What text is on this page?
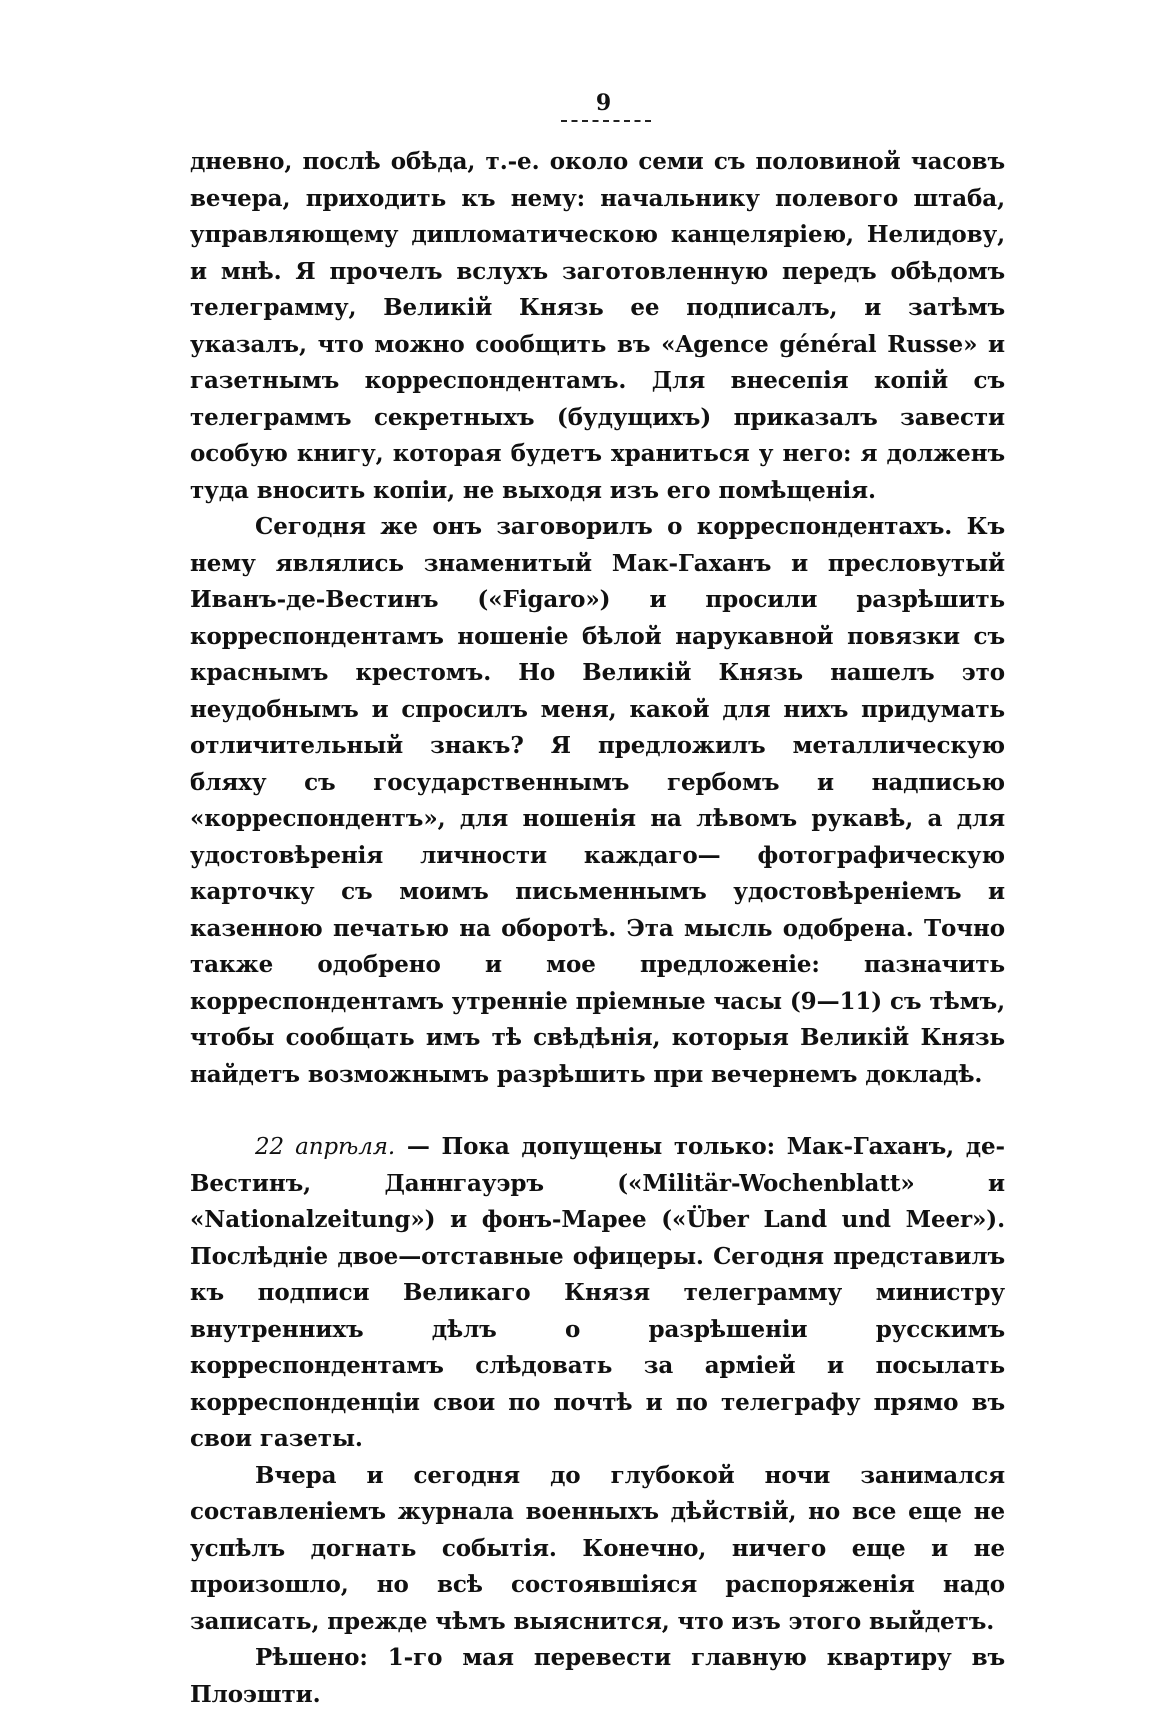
9

дневно, послѣ обѣда, т.-е. около семи съ половиной часовъ вечера, приходить къ нему: начальнику полевого штаба, управляющему дипломатическою канцеляріею, Нелидову, и мнѣ. Я прочелъ вслухъ заготовленную передъ обѣдомъ телеграмму, Великій Князь ее подписалъ, и затѣмъ указалъ, что можно сообщить въ «Agence général Russe» и газетнымъ корреспондентамъ. Для внесепія копій съ телеграммъ секретныхъ (будущихъ) приказалъ завести особую книгу, которая будетъ храниться у него: я долженъ туда вносить копіи, не выходя изъ его помѣщенія.

Сегодня же онъ заговорилъ о корреспондентахъ. Къ нему являлись знаменитый Мак-Гаханъ и пресловутый Иванъ-де-Вестинъ («Figaro») и просили разрѣшить корреспондентамъ ношеніе бѣлой нарукавной повязки съ краснымъ крестомъ. Но Великій Князь нашелъ это неудобнымъ и спросилъ меня, какой для нихъ придумать отличительный знакъ? Я предложилъ металлическую бляху съ государственнымъ гербомъ и надписью «корреспондентъ», для ношенія на лѣвомъ рукавѣ, а для удостовѣренія личности каждаго— фотографическую карточку съ моимъ письменнымъ удостовѣреніемъ и казенною печатью на оборотѣ. Эта мысль одобрена. Точно также одобрено и мое предложеніе: пазначить корреспондентамъ утренніе пріемные часы (9—11) съ тѣмъ, чтобы сообщать имъ тѣ свѣдѣнія, которыя Великій Князь найдетъ возможнымъ разрѣшить при вечернемъ докладѣ.

22 апрѣля. — Пока допущены только: Мак-Гаханъ, де-Вестинъ, Даннгауэръ («Militär-Wochenblatt» и «Nationalzeitung») и фонъ-Марее («Über Land und Meer»). Послѣдніе двое—отставные офицеры. Сегодня представилъ къ подписи Великаго Князя телеграмму министру внутреннихъ дѣлъ о разрѣшеніи русскимъ корреспондентамъ слѣдовать за арміей и посылать корреспонденціи свои по почтѣ и по телеграфу прямо въ свои газеты.

Вчера и сегодня до глубокой ночи занимался составленіемъ журнала военныхъ дѣйствій, но все еще не успѣлъ догнать событія. Конечно, ничего еще и не произошло, но всѣ состоявшіяся распоряженія надо записать, прежде чѣмъ выяснится, что изъ этого выйдетъ.

Рѣшено: 1-го мая перевести главную квартиру въ Плоэшти.
